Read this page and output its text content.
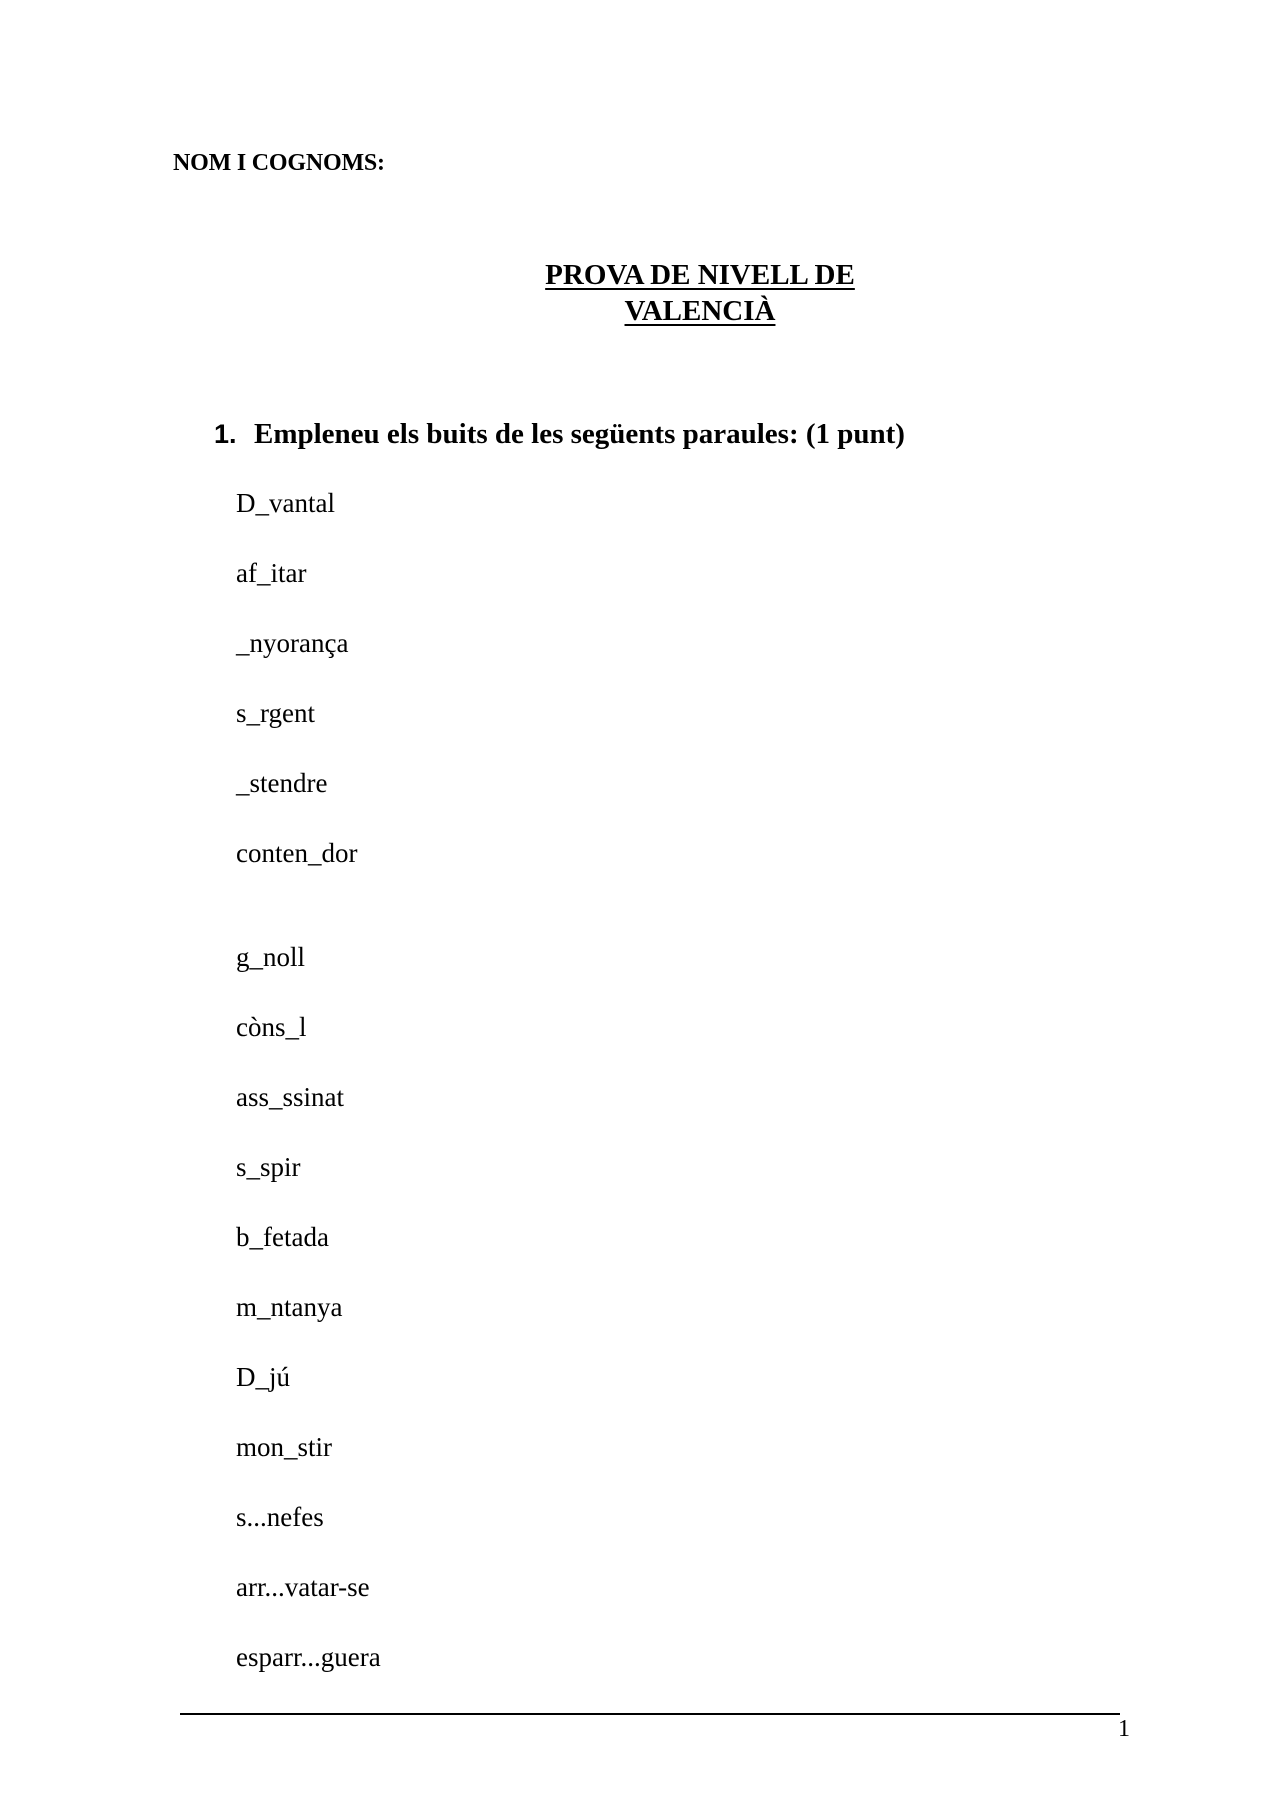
NOM I COGNOMS:
PROVA DE NIVELL DE
VALENCIÀ
1. Empleneu els buits de les següents paraules: (1 punt)
D_vantal
af_itar
_nyorança
s_rgent
_stendre
conten_dor
g_noll
còns_l
ass_ssinat
s_spir
b_fetada
m_ntanya
D_jú
mon_stir
s...nefes
arr...vatar-se
esparr...guera
1
